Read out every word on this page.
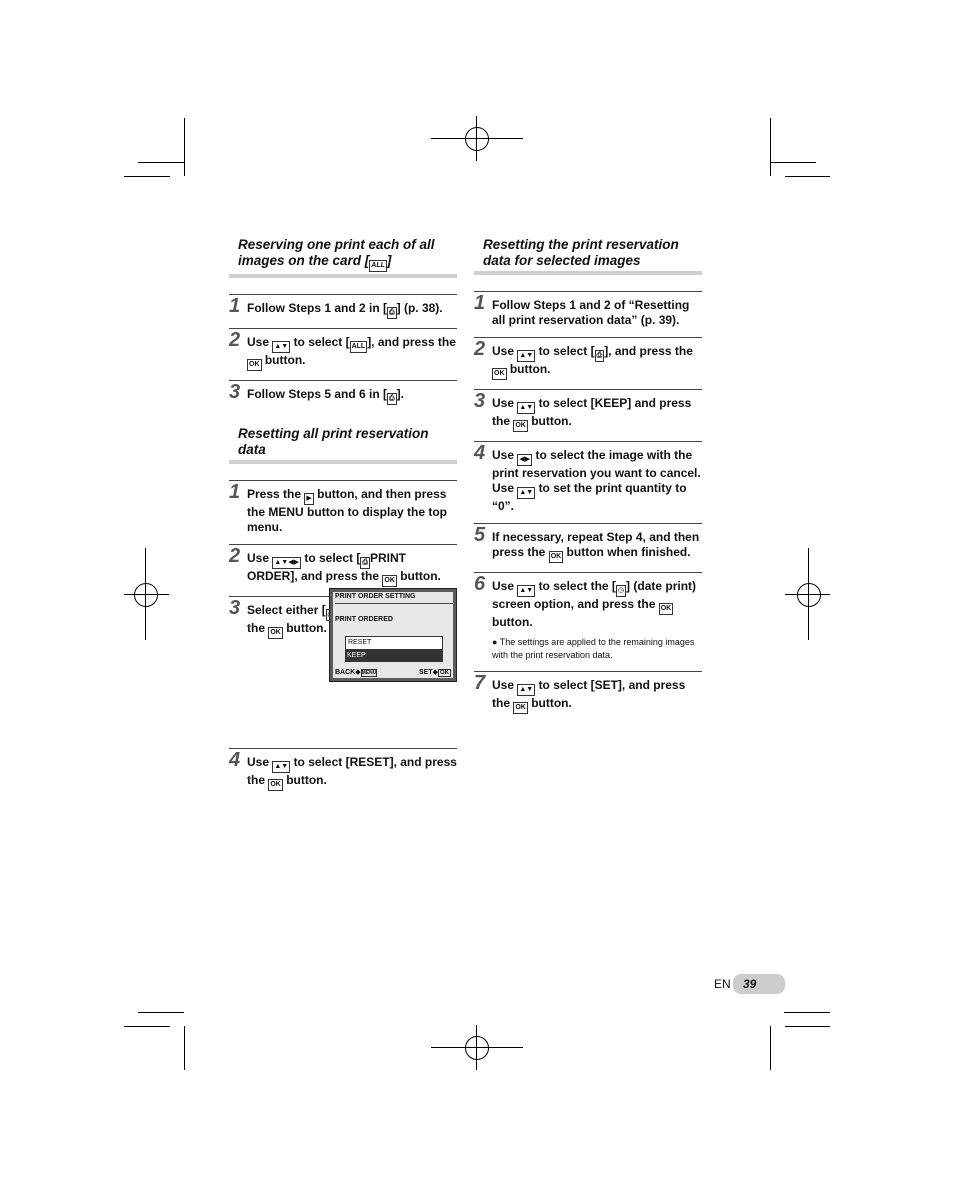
Reserving one print each of all images on the card [ ALL ]
1 Follow Steps 1 and 2 in [ ⎙ ] (p. 38).
2 Use ▲▼ to select [ ALL ], and press the OK button.
3 Follow Steps 5 and 6 in [ ⎙ ].
Resetting all print reservation data
1 Press the ▶ button, and then press the MENU button to display the top menu.
2 Use ▲▼◀▶ to select [ ⎙ PRINT ORDER], and press the OK button.
3 Select either [ the OK button.
4 Use ▲▼ to select [RESET], and press the OK button.
PRINT ORDER SETTING
PRINT ORDERED
RESET
KEEP
BACK◆MENU	SET◆ OK
Resetting the print reservation data for selected images
1 Follow Steps 1 and 2 of “Resetting all print reservation data” (p. 39).
2 Use ▲▼ to select [ ⎙ ], and press the OK button.
3 Use ▲▼ to select [KEEP] and press the OK button.
4 Use ◀▶ to select the image with the print reservation you want to cancel. Use ▲▼ to set the print quantity to “0”.
5 If necessary, repeat Step 4, and then press the OK button when finished.
6 Use ▲▼ to select the [ ◷ ] (date print) screen option, and press the OK button.
● The settings are applied to the remaining images with the print reservation data.
7 Use ▲▼ to select [SET], and press the OK button.
EN	39
